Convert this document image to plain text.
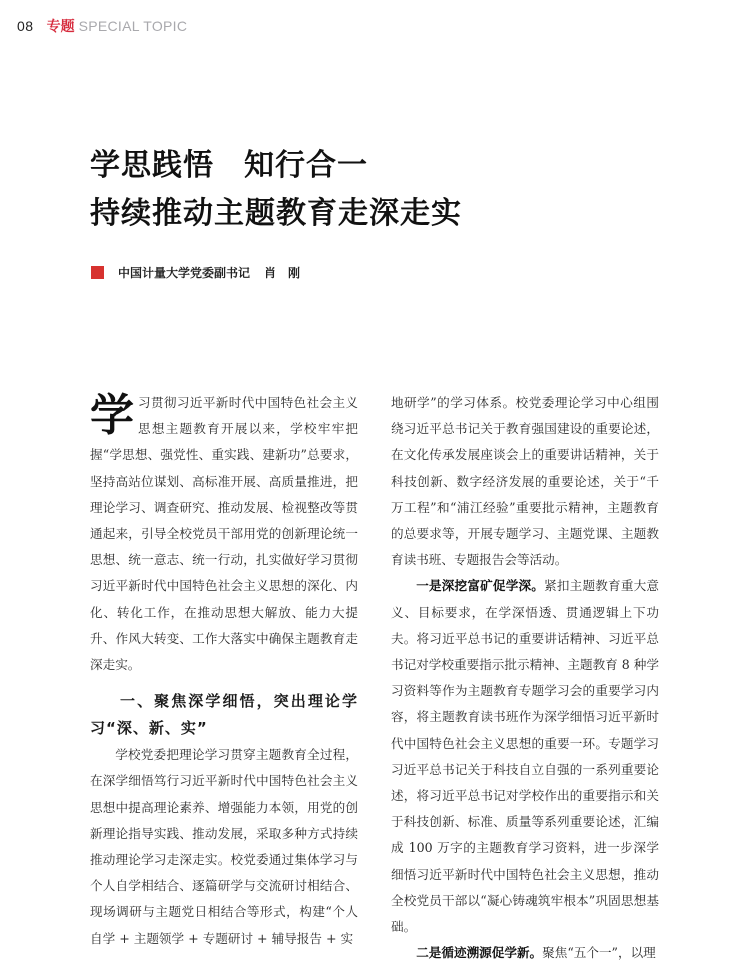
08 专题 SPECIAL TOPIC
学思践悟 知行合一
持续推动主题教育走深走实
中国计量大学党委副书记 肖刚

学习贯彻习近平新时代中国特色社会主义思想主题教育开展以来，学校牢牢把握“学思想、强党性、重实践、建新功”总要求，坚持高站位谋划、高标准开展、高质量推进，把理论学习、调查研究、推动发展、检视整改等贯通起来，引导全校党员干部用党的创新理论统一思想、统一意志、统一行动，扎实做好学习贯彻习近平新时代中国特色社会主义思想的深化、内化、转化工作，在推动思想大解放、能力大提升、作风大转变、工作大落实中确保主题教育走深走实。

一、聚焦深学细悟，突出理论学习“深、新、实”

学校党委把理论学习贯穿主题教育全过程，在深学细悟笃行习近平新时代中国特色社会主义思想中提高理论素养、增强能力本领，用党的创新理论指导实践、推动发展，采取多种方式持续推动理论学习走深走实。校党委通过集体学习与个人自学相结合、逐篇研学与交流研讨相结合、现场调研与主题党日相结合等形式，构建“个人自学 + 主题领学 + 专题研讨 + 辅导报告 + 实

地研学”的学习体系。校党委理论学习中心组围绕习近平总书记关于教育强国建设的重要论述，在文化传承发展座谈会上的重要讲话精神，关于科技创新、数字经济发展的重要论述，关于“千万工程”和“浦江经验”重要批示精神，主题教育的总要求等，开展专题学习、主题党课、主题教育读书班、专题报告会等活动。

一是深挖富矿促学深。紧扣主题教育重大意义、目标要求，在学深悟透、贯通逻辑上下功夫。将习近平总书记的重要讲话精神、习近平总书记对学校重要指示批示精神、主题教育 8 种学习资料等作为主题教育专题学习会的重要学习内容，将主题教育读书班作为深学细悟习近平新时代中国特色社会主义思想的重要一环。专题学习习近平总书记关于科技自立自强的一系列重要论述，将习近平总书记对学校作出的重要指示和关于科技创新、标准、质量等系列重要论述，汇编成 100 万字的主题教育学习资料，进一步深学细悟习近平新时代中国特色社会主义思想，推动全校党员干部以“凝心铸魂筑牢根本”巩固思想基础。

二是循迹溯源促学新。聚焦“五个一”，以理
